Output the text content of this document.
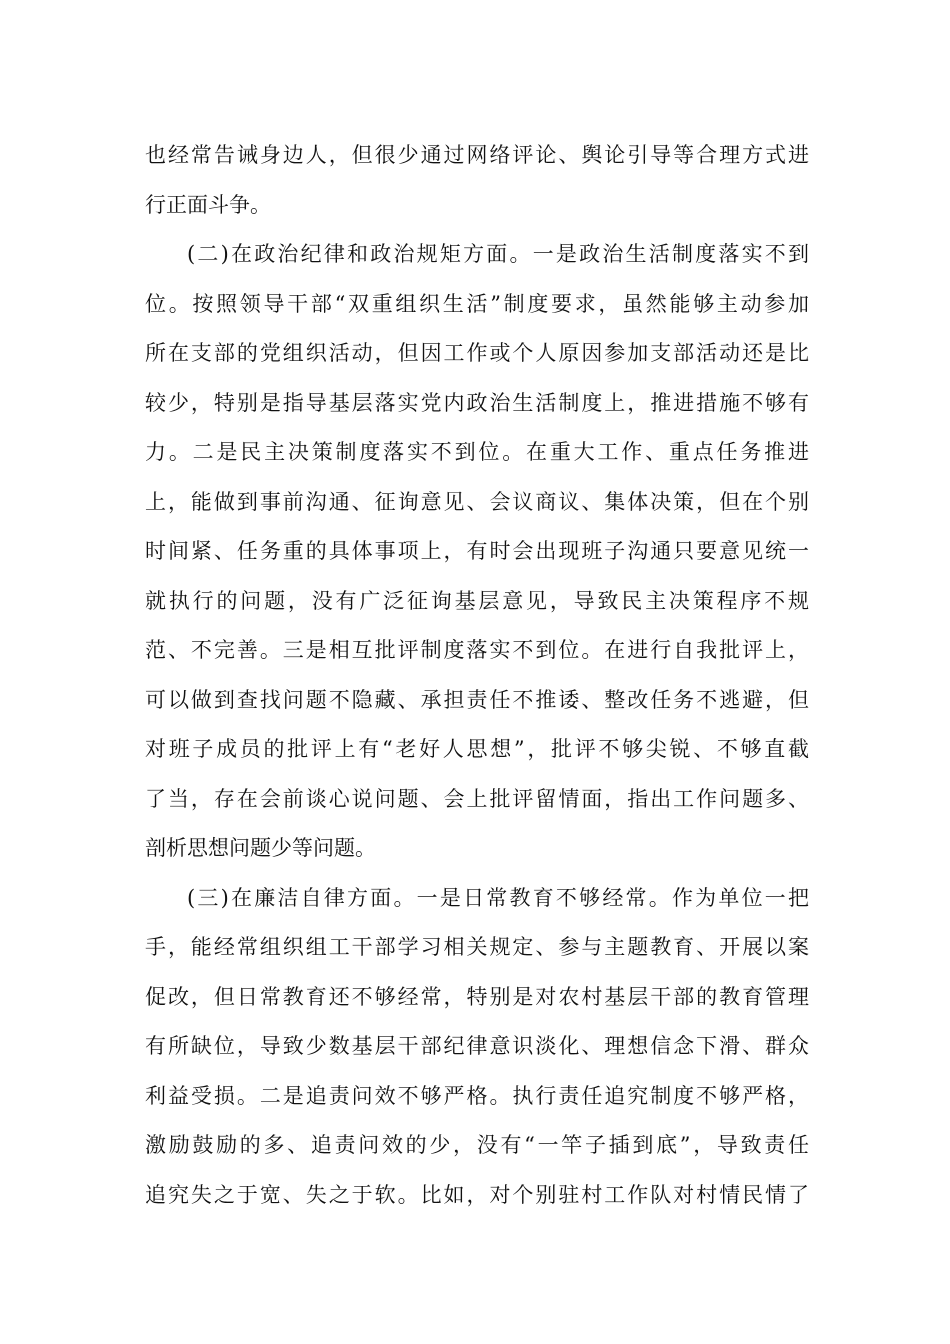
也经常告诫身边人，但很少通过网络评论、舆论引导等合理方式进
行正面斗争。
(二)在政治纪律和政治规矩方面。一是政治生活制度落实不到
位。按照领导干部“双重组织生活”制度要求，虽然能够主动参加
所在支部的党组织活动，但因工作或个人原因参加支部活动还是比
较少，特别是指导基层落实党内政治生活制度上，推进措施不够有
力。二是民主决策制度落实不到位。在重大工作、重点任务推进
上，能做到事前沟通、征询意见、会议商议、集体决策，但在个别
时间紧、任务重的具体事项上，有时会出现班子沟通只要意见统一
就执行的问题，没有广泛征询基层意见，导致民主决策程序不规
范、不完善。三是相互批评制度落实不到位。在进行自我批评上，
可以做到查找问题不隐藏、承担责任不推诿、整改任务不逃避，但
对班子成员的批评上有“老好人思想”，批评不够尖锐、不够直截
了当，存在会前谈心说问题、会上批评留情面，指出工作问题多、
剖析思想问题少等问题。
(三)在廉洁自律方面。一是日常教育不够经常。作为单位一把
手，能经常组织组工干部学习相关规定、参与主题教育、开展以案
促改，但日常教育还不够经常，特别是对农村基层干部的教育管理
有所缺位，导致少数基层干部纪律意识淡化、理想信念下滑、群众
利益受损。二是追责问效不够严格。执行责任追究制度不够严格，
激励鼓励的多、追责问效的少，没有“一竿子插到底”，导致责任
追究失之于宽、失之于软。比如，对个别驻村工作队对村情民情了
